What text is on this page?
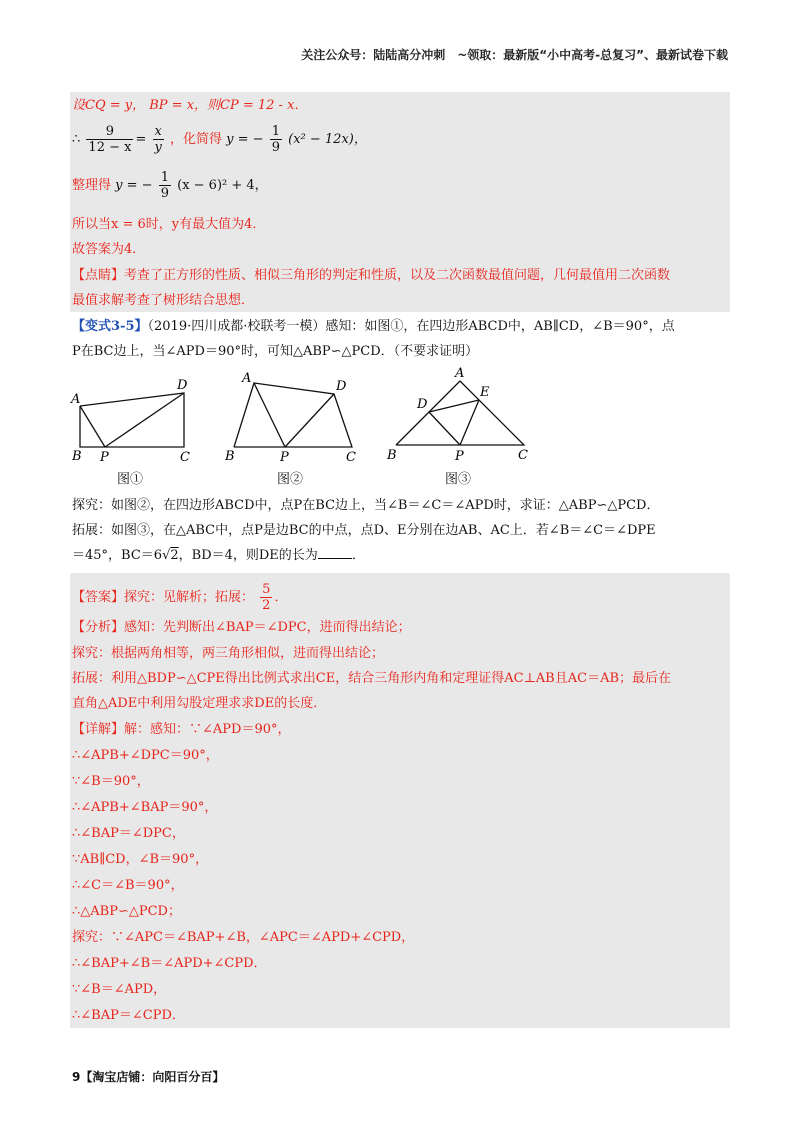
关注公众号：陆陆高分冲刺　~领取：最新版“小中高考-总复习”、最新试卷下载
设CQ = y， BP = x，则CP = 12 - x．
∴ $\frac{9}{12 - x} = \frac{x}{y}$ ，化简得 y = − $\frac{1}{9} (x^2 - 12x)$，
整理得 y = − $\frac{1}{9} (x - 6)^2 + 4$，
所以当x = 6时，y有最大值为4．
故答案为4．
【点睛】考查了正方形的性质、相似三角形的判定和性质，以及二次函数最值问题，几何最值用二次函数
最值求解考查了树形结合思想．
【变式3-5】（2019·四川成都·校联考一模）感知：如图①，在四边形ABCD中，AB∥CD，∠B＝90°，点
P在BC边上，当∠APD＝90°时，可知△ABP∽△PCD．（不要求证明）
A
B P	C
D
图①
A
B	P	C
D
图②
A
B	P	C
D
E
图③
探究：如图②，在四边形ABCD中，点P在BC边上，当∠B＝∠C＝∠APD时，求证：△ABP∽△PCD．
拓展：如图③，在△ABC中，点P是边BC的中点，点D、E分别在边AB、AC上．若∠B＝∠C＝∠DPE
＝45°，BC＝6√2，BD＝4，则DE的长为	．
【答案】探究：见解析；拓展： $\frac{5}{2}$ ．
【分析】感知：先判断出∠BAP＝∠DPC，进而得出结论；
探究：根据两角相等，两三角形相似，进而得出结论；
拓展：利用△BDP∽△CPE得出比例式求出CE，结合三角形内角和定理证得AC⊥AB且AC＝AB；最后在
直角△ADE中利用勾股定理求求DE的长度．
【详解】解：感知：∵∠APD＝90°，
∴∠APB+∠DPC＝90°，
∵∠B＝90°，
∴∠APB+∠BAP＝90°，
∴∠BAP＝∠DPC，
∵AB∥CD，∠B＝90°，
∴∠C＝∠B＝90°，
∴△ABP∽△PCD；
探究：∵∠APC＝∠BAP+∠B，∠APC＝∠APD+∠CPD，
∴∠BAP+∠B＝∠APD+∠CPD．
∵∠B＝∠APD，
∴∠BAP＝∠CPD．
9【淘宝店铺：向阳百分百】
